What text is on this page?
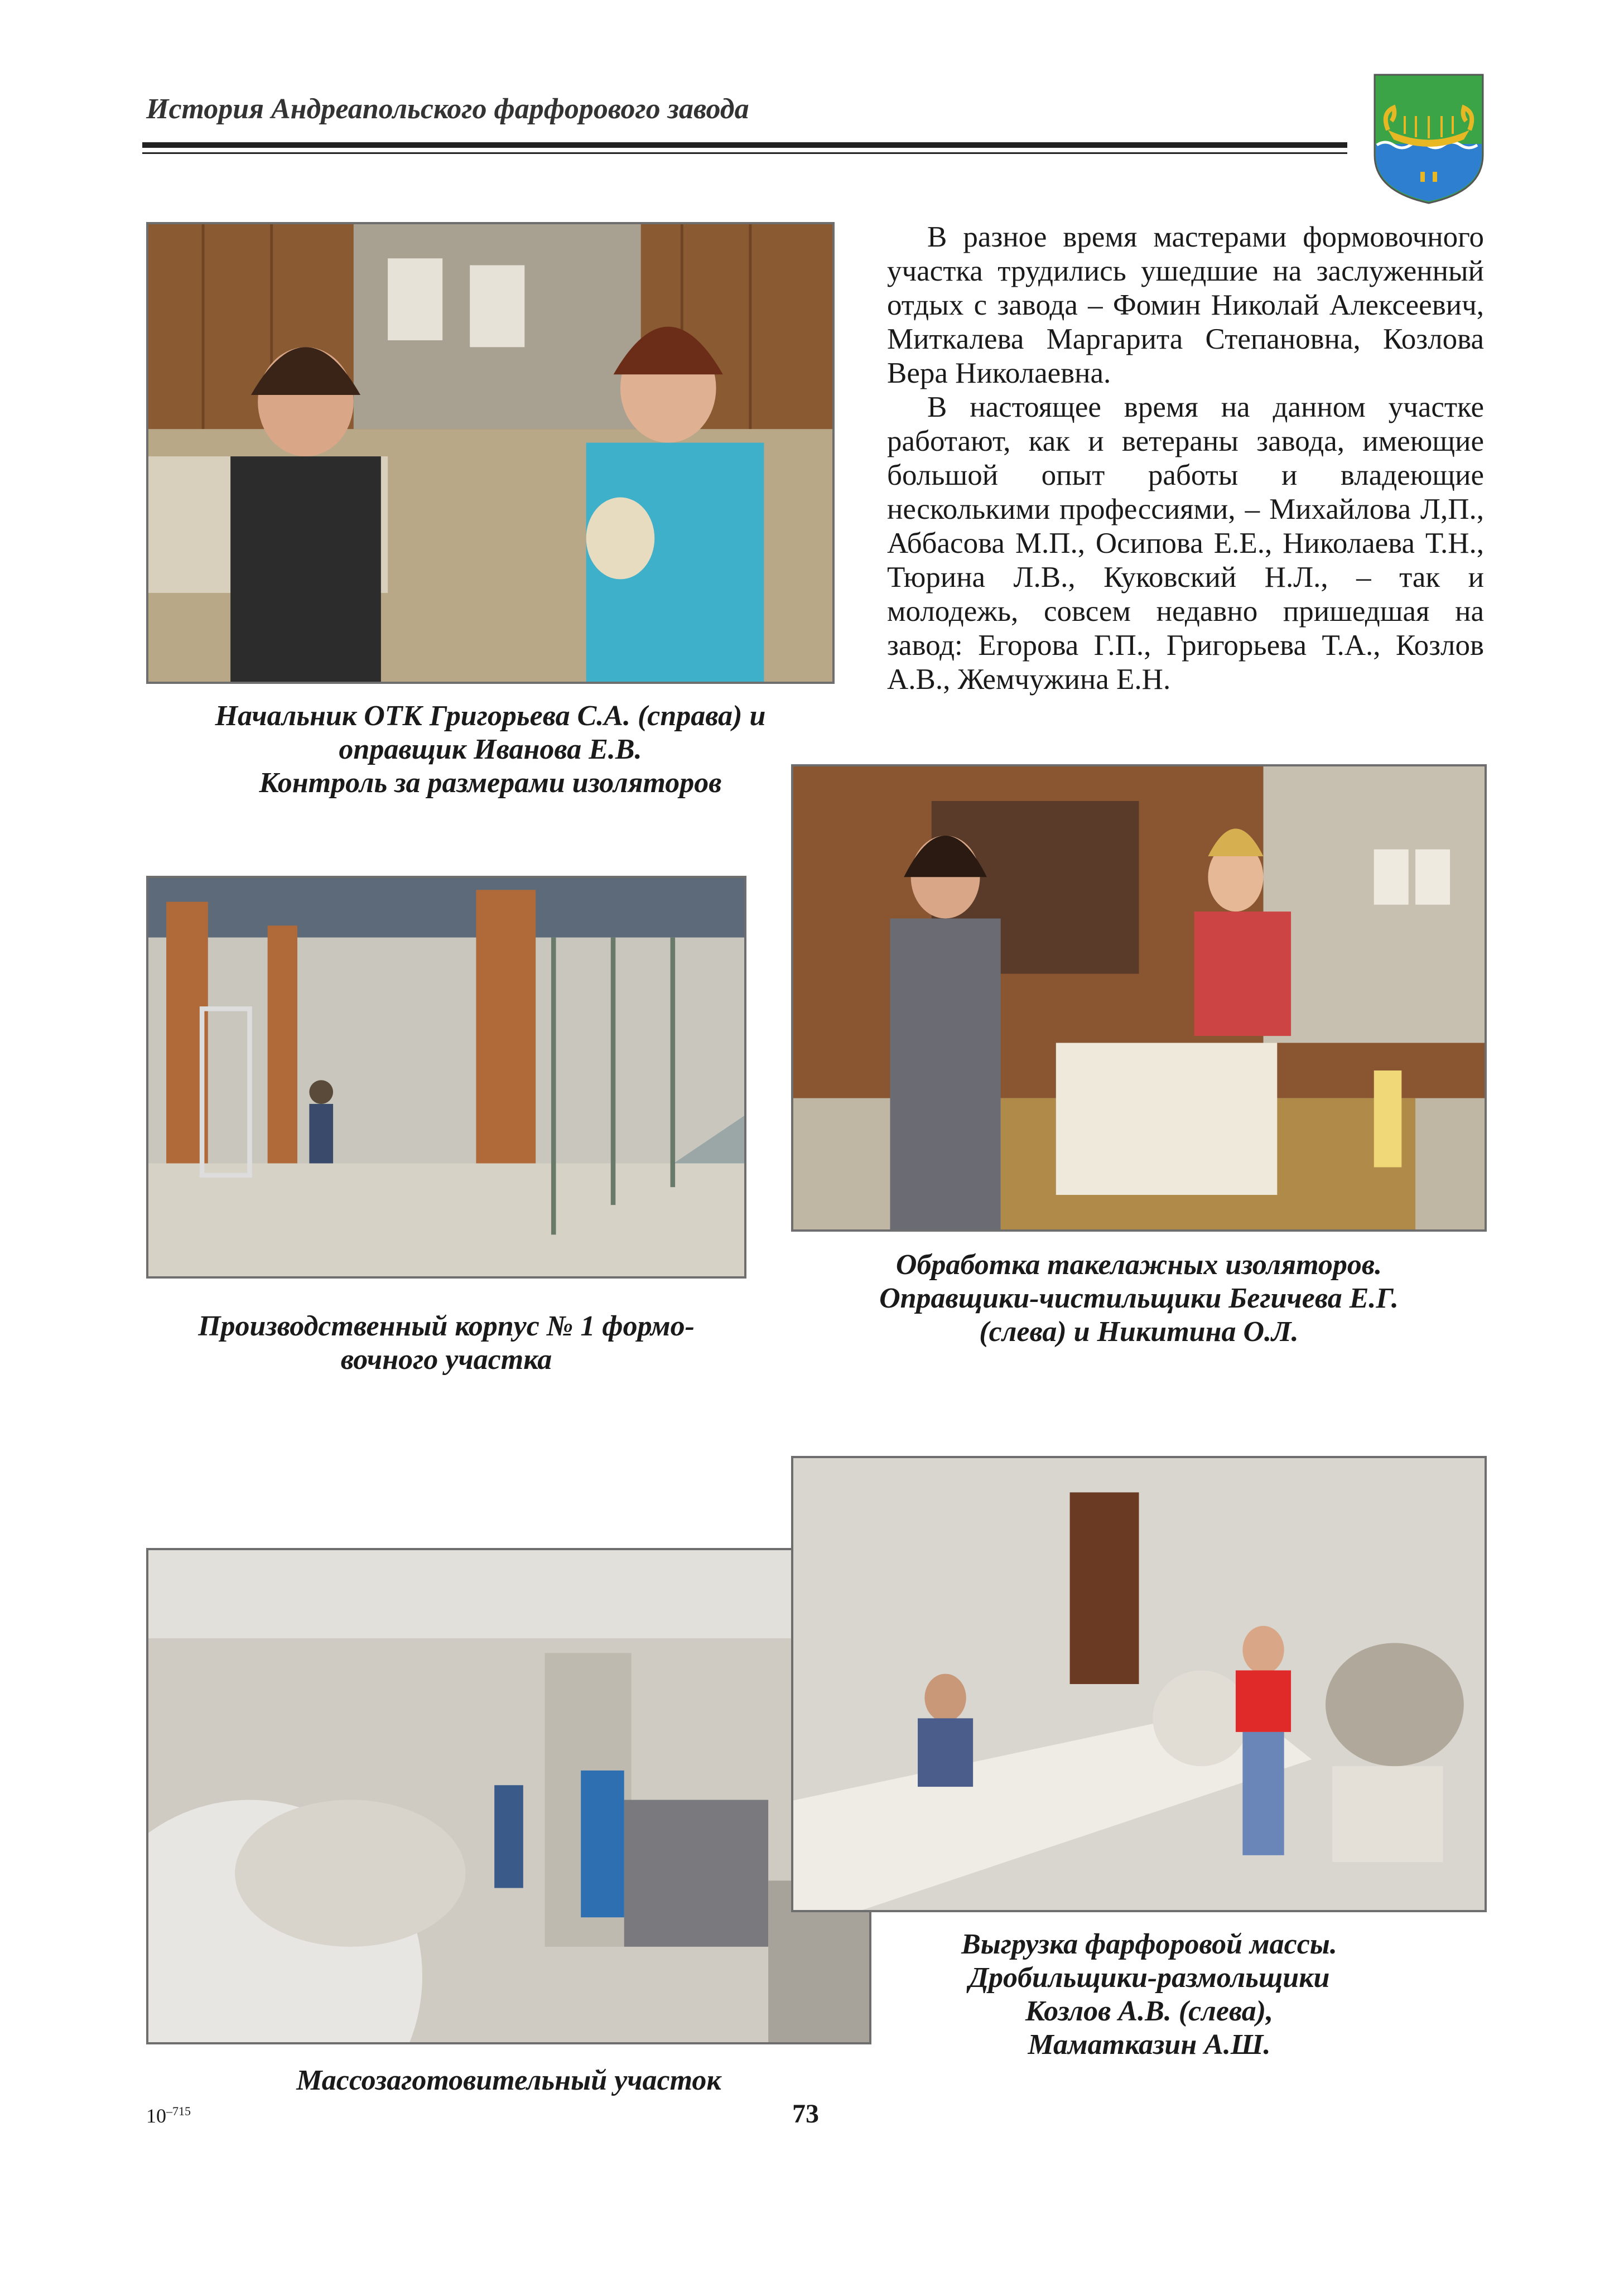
История Андреапольского фарфорового завода
Начальник ОТК Григорьева С.А. (справа) и
оправщик Иванова Е.В.
Контроль за размерами изоляторов

В разное время мастерами формовочного участка трудились ушедшие на заслуженный отдых с завода – Фомин Николай Алексеевич, Миткалева Маргарита Степановна, Козлова Вера Николаевна.

В настоящее время на данном участке работают, как и ветераны завода, имеющие большой опыт работы и владеющие несколькими профессиями, – Михайлова Л,П., Аббасова М.П., Осипова Е.Е., Николаева Т.Н., Тюрина Л.В., Куковский Н.Л., – так и молодежь, совсем недавно пришедшая на завод: Егорова Г.П., Григорьева Т.А., Козлов А.В., Жемчужина Е.Н.

Производственный корпус № 1 формо-
вочного участка
Обработка такелажных изоляторов.
Оправщики-чистильщики Бегичева Е.Г.
(слева) и Никитина О.Л.
Массозаготовительный участок
Выгрузка фарфоровой массы.
Дробильщики-размольщики
Козлов А.В. (слева),
Маматказин А.Ш.
$10^{-715}$	73
